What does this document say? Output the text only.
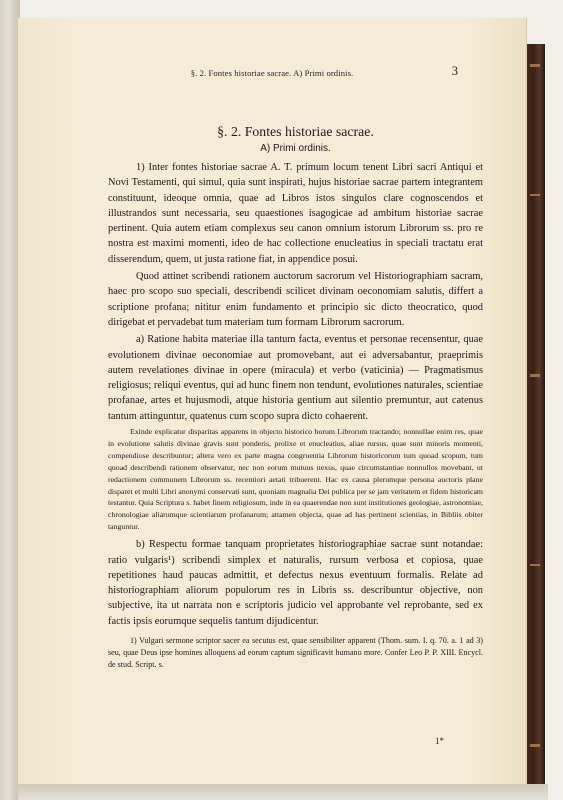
§. 2. Fontes historiae sacrae. A) Primi ordinis.	3
§. 2. Fontes historiae sacrae.
A) Primi ordinis.

1) Inter fontes historiae sacrae A. T. primum locum tenent Libri sacri Antiqui et Novi Testamenti, qui simul, quia sunt inspirati, hujus historiae sacrae partem integrantem constituunt, ideoque omnia, quae ad Libros istos singulos clare cognoscendos et illustrandos sunt necessaria, seu quaestiones isagogicae ad ambitum historiae sacrae pertinent. Quia autem etiam complexus seu canon omnium istorum Librorum ss. pro re nostra est maximi momenti, ideo de hac collectione enucleatius in speciali tractatu erat disserendum, quem, ut justa ratione fiat, in appendice posui.

Quod attinet scribendi rationem auctorum sacrorum vel Historiographiam sacram, haec pro scopo suo speciali, describendi scilicet divinam oeconomiam salutis, differt a scriptione profana; nititur enim fundamento et principio sic dicto theocratico, quod dirigebat et pervadebat tum materiam tum formam Librorum sacrorum.

a) Ratione habita materiae illa tantum facta, eventus et personae recensentur, quae evolutionem divinae oeconomiae aut promovebant, aut ei adversabantur, praeprimis autem revelationes divinae in opere (miracula) et verbo (vaticinia) — Pragmatismus religiosus; reliqui eventus, qui ad hunc finem non tendunt, evolutiones naturales, scientiae profanae, artes et hujusmodi, atque historia gentium aut silentio premuntur, aut catenus tantum attinguntur, quatenus cum scopo supra dicto cohaerent.

Exinde explicatur disparitas apparens in objecto historico horum Librorum tractando; nonnullae enim res, quae in evolutione salutis divinae gravis sunt ponderis, prolixe et enucleatius, aliae rursus, quae sunt minoris momenti, compendiose describuntur; altera vero ex parte magna congruentia Librorum historicorum tum quoad scopum, tum quoad describendi rationem observatur, nec non eorum mutuus nexus, quae circumstantiae nonnullos movebant, ut redactionem communem Librorum ss. recentiori aetati tribuerent. Hac ex causa plerumque persona auctoris plane disparet et multi Libri anonymi conservati sunt, quoniam magnalia Dei publica per se jam veritatem et fidem historicam testantur. Quia Scriptura s. habet finem religiosum, inde in ea quaerendae non sunt institutiones geologiae, astronomiae, chronologiae aliarumque scientiarum profanarum; attamen objecta, quae ad has pertinent scientias, in Bibliis obiter tanguntur.

b) Respectu formae tanquam proprietates historiographiae sacrae sunt notandae: ratio vulgaris¹) scribendi simplex et naturalis, rursum verbosa et copiosa, quae repetitiones haud paucas admittit, et defectus nexus eventuum formalis. Relate ad historiographiam aliorum populorum res in Libris ss. describuntur objective, non subjective, ita ut narrata non e scriptoris judicio vel approbante vel reprobante, sed ex factis ipsis eorumque sequelis tantum dijudicentur.

1) Vulgari sermone scriptor sacer ea secutus est, quae sensibiliter apparent (Thom. sum. I. q. 70. a. 1 ad 3) seu, quae Deus ipse homines alloquens ad eorum captum significavit humano more. Confer Leo P. P. XIII. Encycl. de stud. Script. s.

1*
